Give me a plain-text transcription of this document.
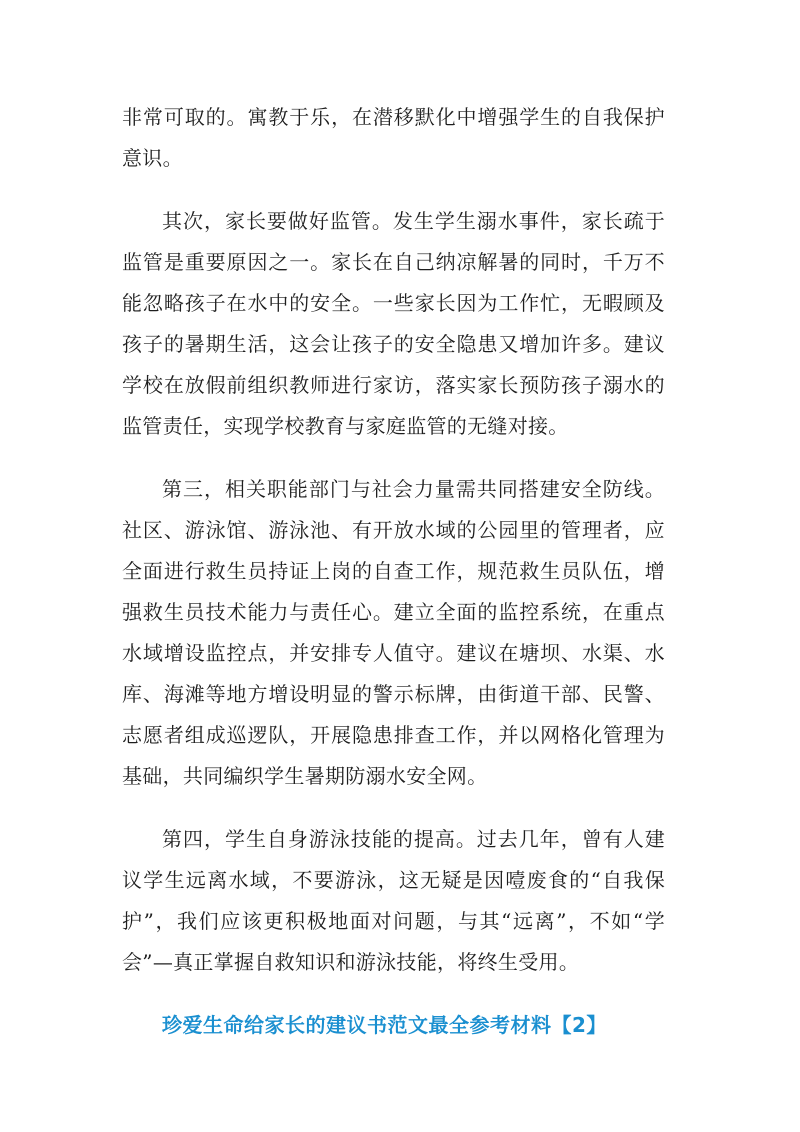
非常可取的。寓教于乐，在潜移默化中增强学生的自我保护意识。

其次，家长要做好监管。发生学生溺水事件，家长疏于监管是重要原因之一。家长在自己纳凉解暑的同时，千万不能忽略孩子在水中的安全。一些家长因为工作忙，无暇顾及孩子的暑期生活，这会让孩子的安全隐患又增加许多。建议学校在放假前组织教师进行家访，落实家长预防孩子溺水的监管责任，实现学校教育与家庭监管的无缝对接。

第三，相关职能部门与社会力量需共同搭建安全防线。社区、游泳馆、游泳池、有开放水域的公园里的管理者，应全面进行救生员持证上岗的自查工作，规范救生员队伍，增强救生员技术能力与责任心。建立全面的监控系统，在重点水域增设监控点，并安排专人值守。建议在塘坝、水渠、水库、海滩等地方增设明显的警示标牌，由街道干部、民警、志愿者组成巡逻队，开展隐患排查工作，并以网格化管理为基础，共同编织学生暑期防溺水安全网。

第四，学生自身游泳技能的提高。过去几年，曾有人建议学生远离水域，不要游泳，这无疑是因噎废食的“自我保护”，我们应该更积极地面对问题，与其“远离”，不如“学会”—真正掌握自救知识和游泳技能，将终生受用。

珍爱生命给家长的建议书范文最全参考材料【2】
